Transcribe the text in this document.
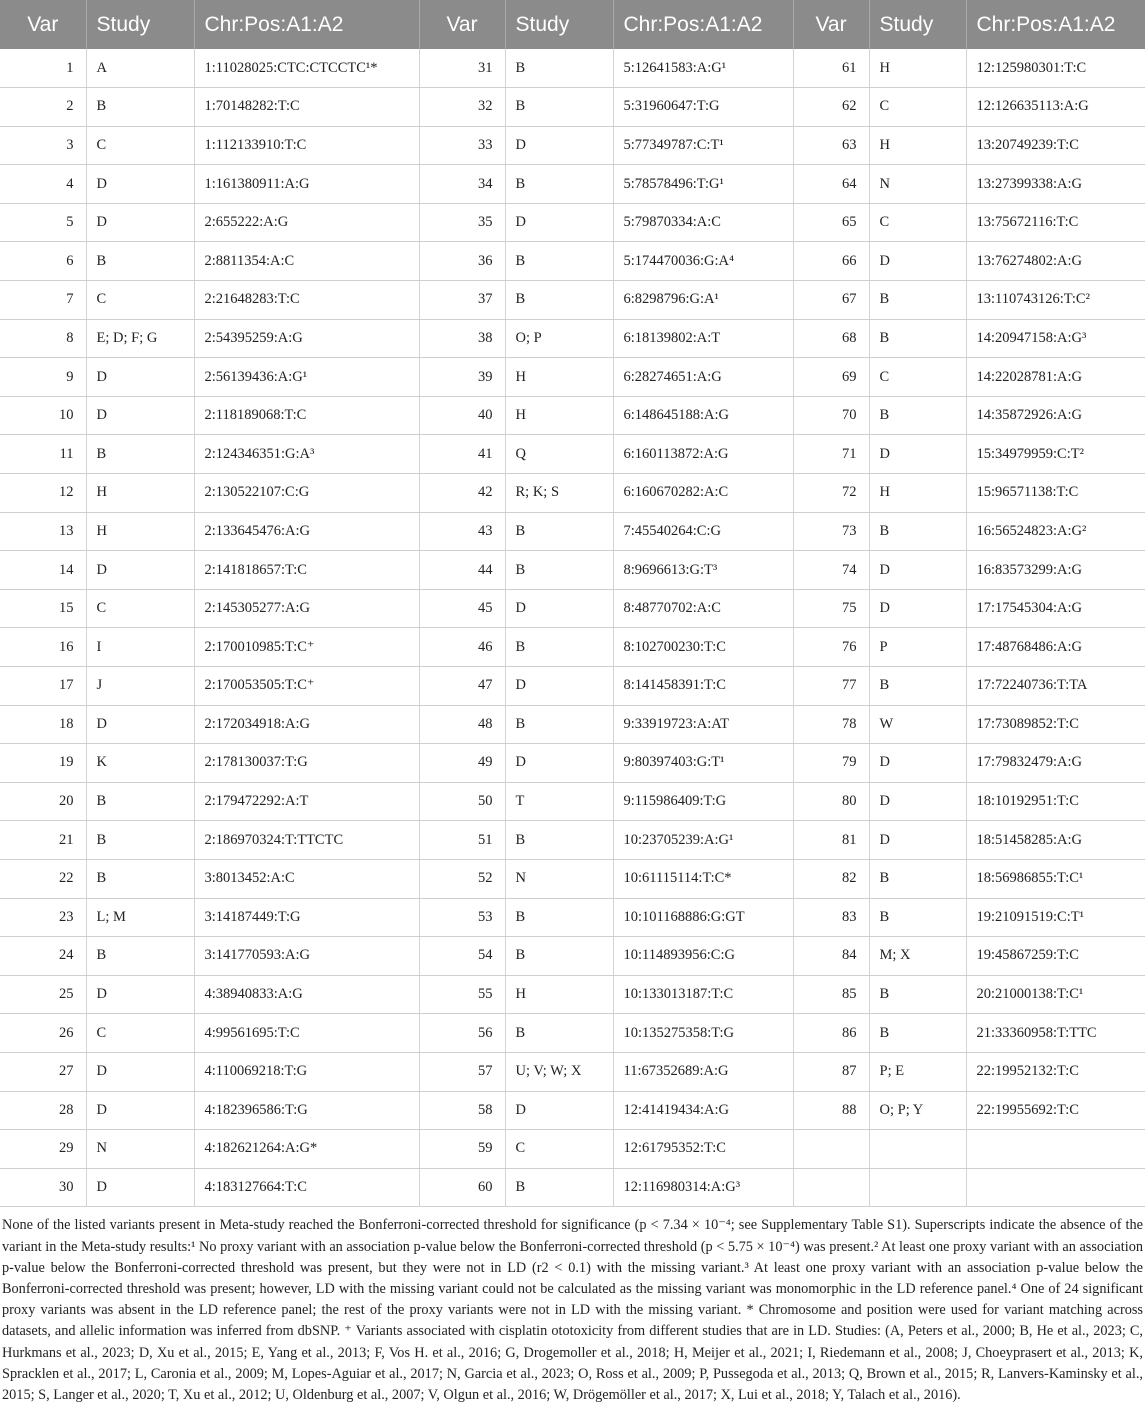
Var	Study	Chr:Pos:A1:A2	Var	Study	Chr:Pos:A1:A2	Var	Study	Chr:Pos:A1:A2
1	A	1:11028025:CTC:CTCCTC¹*	31	B	5:12641583:A:G¹	61	H	12:125980301:T:C
2	B	1:70148282:T:C	32	B	5:31960647:T:G	62	C	12:126635113:A:G
3	C	1:112133910:T:C	33	D	5:77349787:C:T¹	63	H	13:20749239:T:C
4	D	1:161380911:A:G	34	B	5:78578496:T:G¹	64	N	13:27399338:A:G
5	D	2:655222:A:G	35	D	5:79870334:A:C	65	C	13:75672116:T:C
6	B	2:8811354:A:C	36	B	5:174470036:G:A⁴	66	D	13:76274802:A:G
7	C	2:21648283:T:C	37	B	6:8298796:G:A¹	67	B	13:110743126:T:C²
8	E; D; F; G	2:54395259:A:G	38	O; P	6:18139802:A:T	68	B	14:20947158:A:G³
9	D	2:56139436:A:G¹	39	H	6:28274651:A:G	69	C	14:22028781:A:G
10	D	2:118189068:T:C	40	H	6:148645188:A:G	70	B	14:35872926:A:G
11	B	2:124346351:G:A³	41	Q	6:160113872:A:G	71	D	15:34979959:C:T²
12	H	2:130522107:C:G	42	R; K; S	6:160670282:A:C	72	H	15:96571138:T:C
13	H	2:133645476:A:G	43	B	7:45540264:C:G	73	B	16:56524823:A:G²
14	D	2:141818657:T:C	44	B	8:9696613:G:T³	74	D	16:83573299:A:G
15	C	2:145305277:A:G	45	D	8:48770702:A:C	75	D	17:17545304:A:G
16	I	2:170010985:T:C⁺	46	B	8:102700230:T:C	76	P	17:48768486:A:G
17	J	2:170053505:T:C⁺	47	D	8:141458391:T:C	77	B	17:72240736:T:TA
18	D	2:172034918:A:G	48	B	9:33919723:A:AT	78	W	17:73089852:T:C
19	K	2:178130037:T:G	49	D	9:80397403:G:T¹	79	D	17:79832479:A:G
20	B	2:179472292:A:T	50	T	9:115986409:T:G	80	D	18:10192951:T:C
21	B	2:186970324:T:TTCTC	51	B	10:23705239:A:G¹	81	D	18:51458285:A:G
22	B	3:8013452:A:C	52	N	10:61115114:T:C*	82	B	18:56986855:T:C¹
23	L; M	3:14187449:T:G	53	B	10:101168886:G:GT	83	B	19:21091519:C:T¹
24	B	3:141770593:A:G	54	B	10:114893956:C:G	84	M; X	19:45867259:T:C
25	D	4:38940833:A:G	55	H	10:133013187:T:C	85	B	20:21000138:T:C¹
26	C	4:99561695:T:C	56	B	10:135275358:T:G	86	B	21:33360958:T:TTC
27	D	4:110069218:T:G	57	U; V; W; X	11:67352689:A:G	87	P; E	22:19952132:T:C
28	D	4:182396586:T:G	58	D	12:41419434:A:G	88	O; P; Y	22:19955692:T:C
29	N	4:182621264:A:G*	59	C	12:61795352:T:C			
30	D	4:183127664:T:C	60	B	12:116980314:A:G³			
None of the listed variants present in Meta-study reached the Bonferroni-corrected threshold for significance (p < 7.34 × 10⁻⁴; see Supplementary Table S1). Superscripts indicate the absence of the variant in the Meta-study results:¹ No proxy variant with an association p-value below the Bonferroni-corrected threshold (p < 5.75 × 10⁻⁴) was present.² At least one proxy variant with an association p-value below the Bonferroni-corrected threshold was present, but they were not in LD (r2 < 0.1) with the missing variant.³ At least one proxy variant with an association p-value below the Bonferroni-corrected threshold was present; however, LD with the missing variant could not be calculated as the missing variant was monomorphic in the LD reference panel.⁴ One of 24 significant proxy variants was absent in the LD reference panel; the rest of the proxy variants were not in LD with the missing variant. * Chromosome and position were used for variant matching across datasets, and allelic information was inferred from dbSNP. ⁺ Variants associated with cisplatin ototoxicity from different studies that are in LD. Studies: (A, Peters et al., 2000; B, He et al., 2023; C, Hurkmans et al., 2023; D, Xu et al., 2015; E, Yang et al., 2013; F, Vos H. et al., 2016; G, Drogemoller et al., 2018; H, Meijer et al., 2021; I, Riedemann et al., 2008; J, Choeyprasert et al., 2013; K, Spracklen et al., 2017; L, Caronia et al., 2009; M, Lopes-Aguiar et al., 2017; N, Garcia et al., 2023; O, Ross et al., 2009; P, Pussegoda et al., 2013; Q, Brown et al., 2015; R, Lanvers-Kaminsky et al., 2015; S, Langer et al., 2020; T, Xu et al., 2012; U, Oldenburg et al., 2007; V, Olgun et al., 2016; W, Drögemöller et al., 2017; X, Lui et al., 2018; Y, Talach et al., 2016).
